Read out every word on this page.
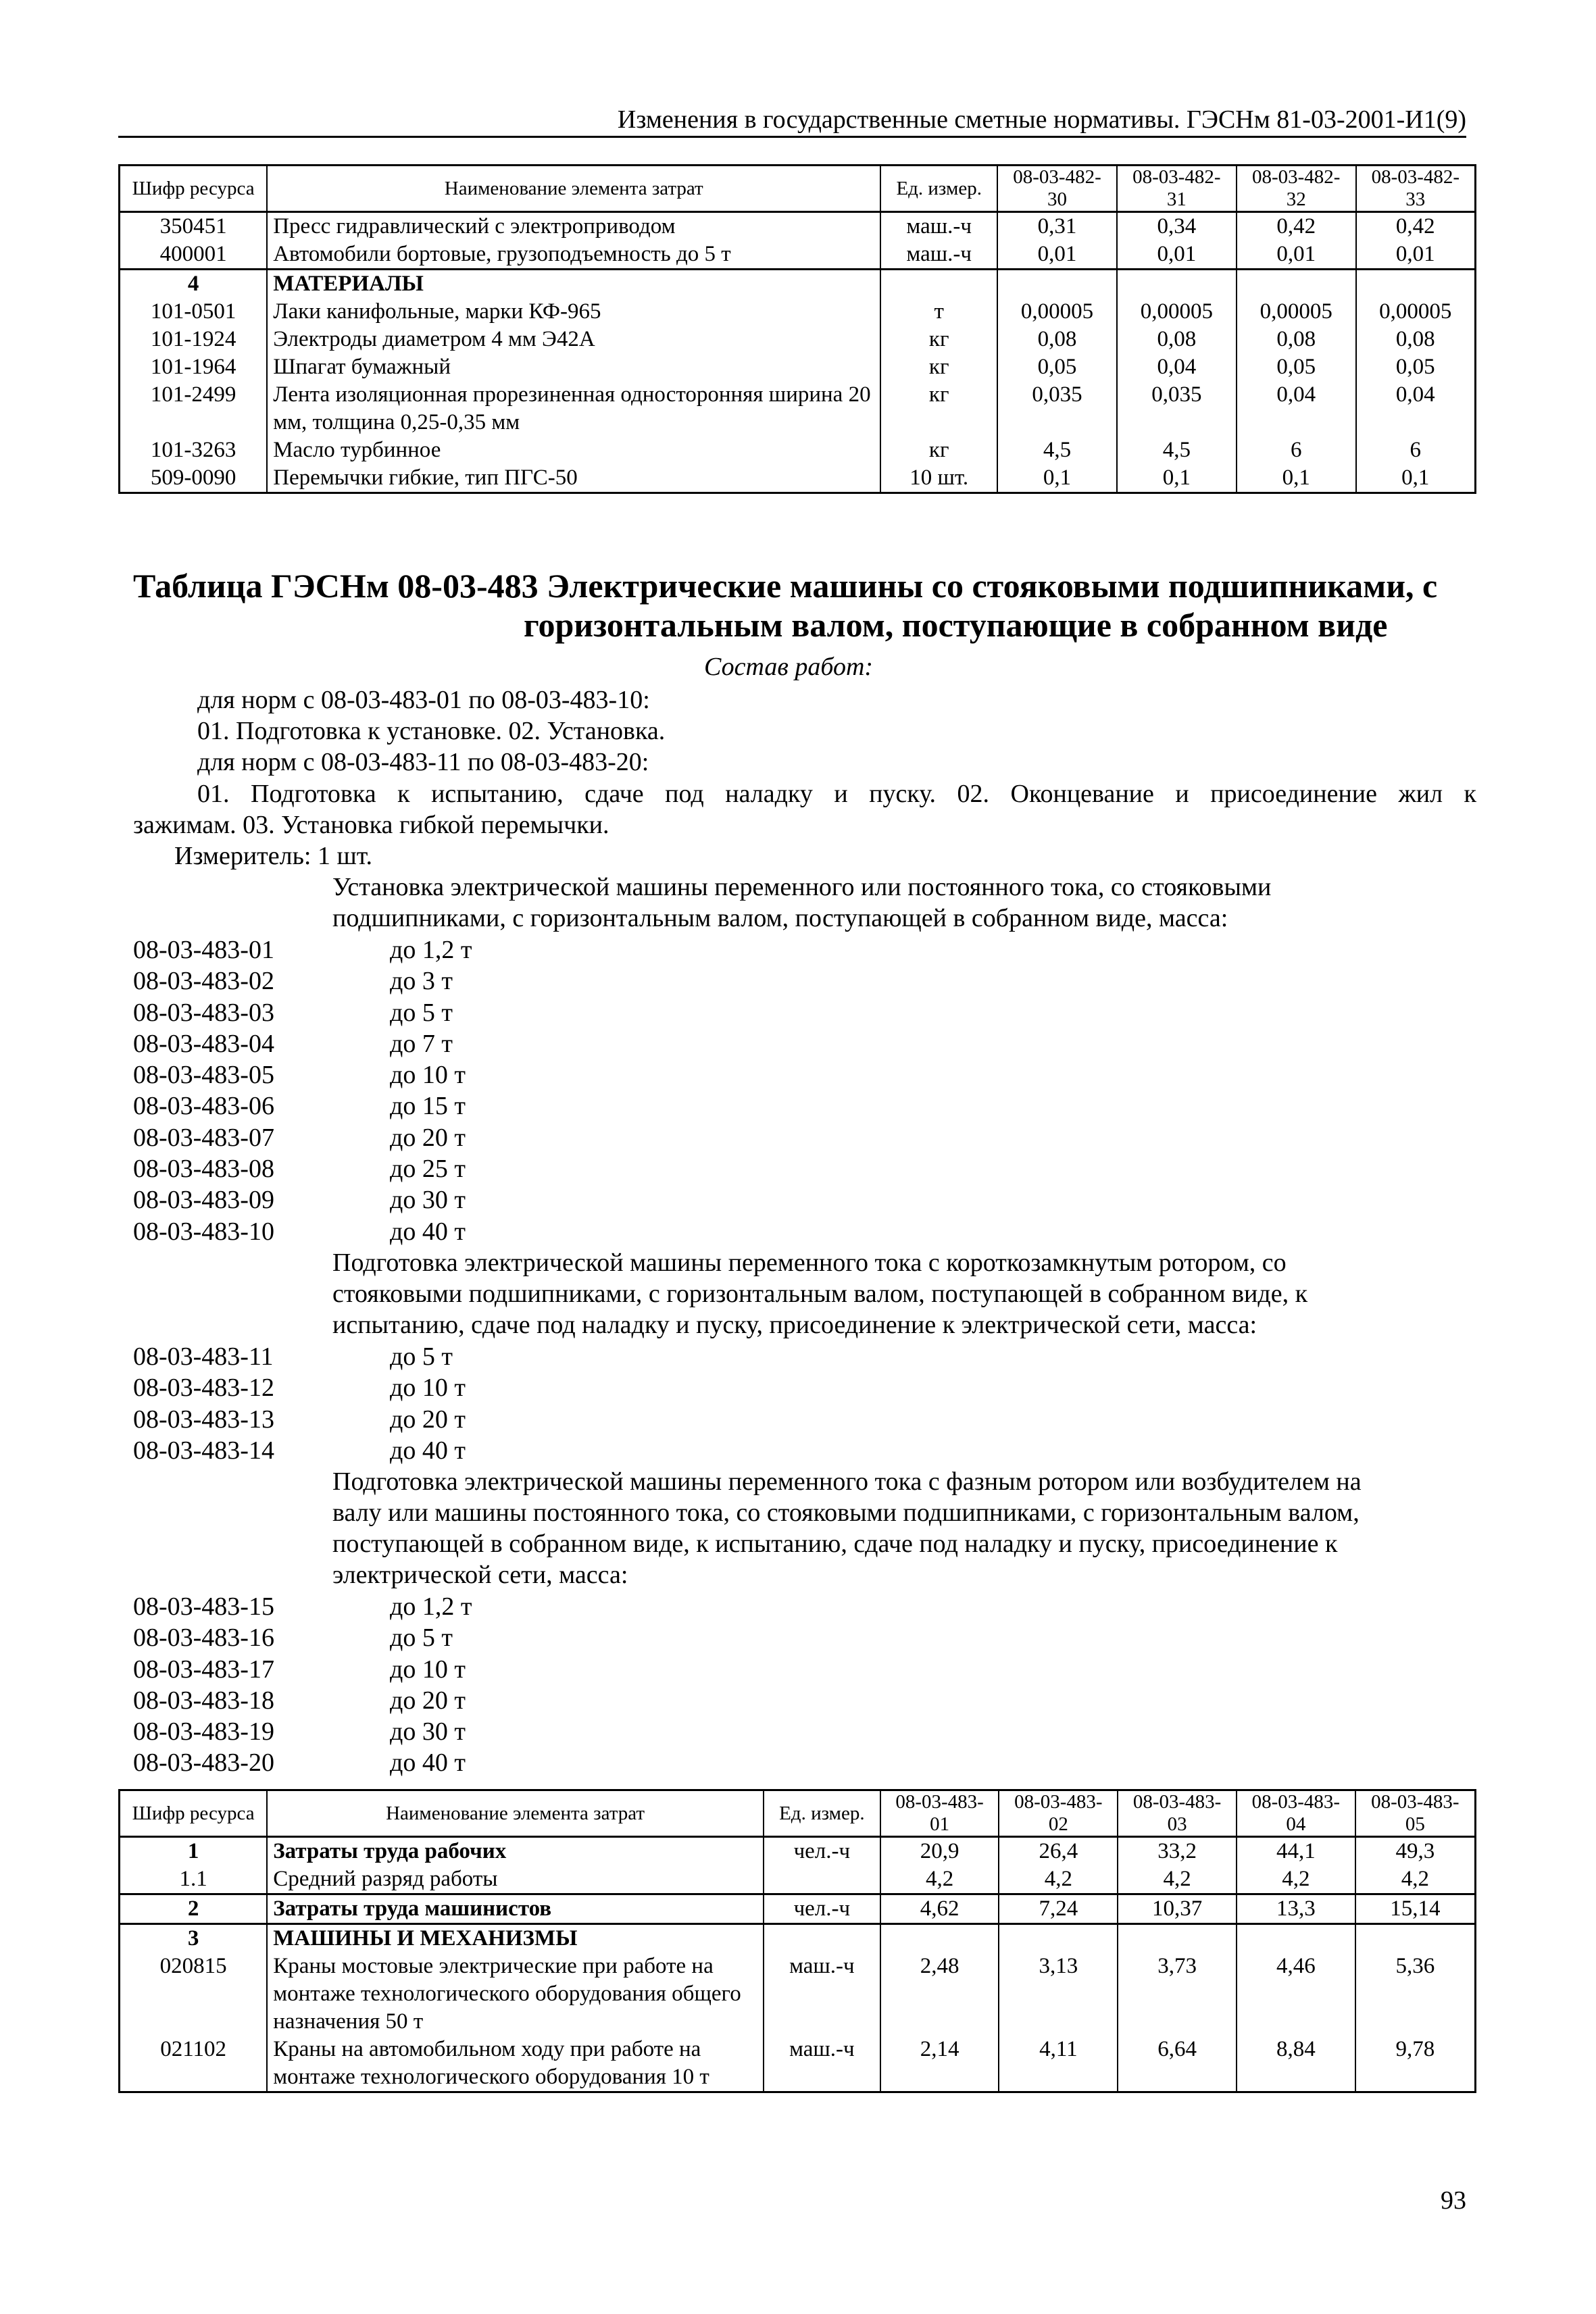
Изменения в государственные сметные нормативы. ГЭСНм 81-03-2001-И1(9)
Шифр ресурса	Наименование элемента затрат	Ед. измер.	08-03-482-30	08-03-482-31	08-03-482-32	08-03-482-33
350451	Пресс гидравлический с электроприводом	маш.-ч	0,31	0,34	0,42	0,42
400001	Автомобили бортовые, грузоподъемность до 5 т	маш.-ч	0,01	0,01	0,01	0,01
4	МАТЕРИАЛЫ					
101-0501	Лаки канифольные, марки КФ-965	т	0,00005	0,00005	0,00005	0,00005
101-1924	Электроды диаметром 4 мм Э42А	кг	0,08	0,08	0,08	0,08
101-1964	Шпагат бумажный	кг	0,05	0,04	0,05	0,05
101-2499	Лента изоляционная прорезиненная односторонняя ширина 20 мм, толщина 0,25-0,35 мм	кг	0,035	0,035	0,04	0,04
101-3263	Масло турбинное	кг	4,5	4,5	6	6
509-0090	Перемычки гибкие, тип ПГС-50	10 шт.	0,1	0,1	0,1	0,1
Таблица ГЭСНм 08-03-483 Электрические машины со стояковыми подшипниками, с
горизонтальным валом, поступающие в собранном виде
Состав работ:
для норм с 08-03-483-01 по 08-03-483-10:
01. Подготовка к установке. 02. Установка.
для норм с 08-03-483-11 по 08-03-483-20:
01. Подготовка к испытанию, сдаче под наладку и пуску. 02. Оконцевание и присоединение жил к
зажимам. 03. Установка гибкой перемычки.
Измеритель: 1 шт.
Установка электрической машины переменного или постоянного тока, со стояковыми
подшипниками, с горизонтальным валом, поступающей в собранном виде, масса:
08-03-483-01	до 1,2 т
08-03-483-02	до 3 т
08-03-483-03	до 5 т
08-03-483-04	до 7 т
08-03-483-05	до 10 т
08-03-483-06	до 15 т
08-03-483-07	до 20 т
08-03-483-08	до 25 т
08-03-483-09	до 30 т
08-03-483-10	до 40 т
Подготовка электрической машины переменного тока с короткозамкнутым ротором, со
стояковыми подшипниками, с горизонтальным валом, поступающей в собранном виде, к
испытанию, сдаче под наладку и пуску, присоединение к электрической сети, масса:
08-03-483-11	до 5 т
08-03-483-12	до 10 т
08-03-483-13	до 20 т
08-03-483-14	до 40 т
Подготовка электрической машины переменного тока с фазным ротором или возбудителем на
валу или машины постоянного тока, со стояковыми подшипниками, с горизонтальным валом,
поступающей в собранном виде, к испытанию, сдаче под наладку и пуску, присоединение к
электрической сети, масса:
08-03-483-15	до 1,2 т
08-03-483-16	до 5 т
08-03-483-17	до 10 т
08-03-483-18	до 20 т
08-03-483-19	до 30 т
08-03-483-20	до 40 т
Шифр ресурса	Наименование элемента затрат	Ед. измер.	08-03-483-01	08-03-483-02	08-03-483-03	08-03-483-04	08-03-483-05
1	Затраты труда рабочих	чел.-ч	20,9	26,4	33,2	44,1	49,3
1.1	Средний разряд работы		4,2	4,2	4,2	4,2	4,2
2	Затраты труда машинистов	чел.-ч	4,62	7,24	10,37	13,3	15,14
3	МАШИНЫ И МЕХАНИЗМЫ						
020815	Краны мостовые электрические при работе на монтаже технологического оборудования общего назначения 50 т	маш.-ч	2,48	3,13	3,73	4,46	5,36
021102	Краны на автомобильном ходу при работе на монтаже технологического оборудования 10 т	маш.-ч	2,14	4,11	6,64	8,84	9,78
93
